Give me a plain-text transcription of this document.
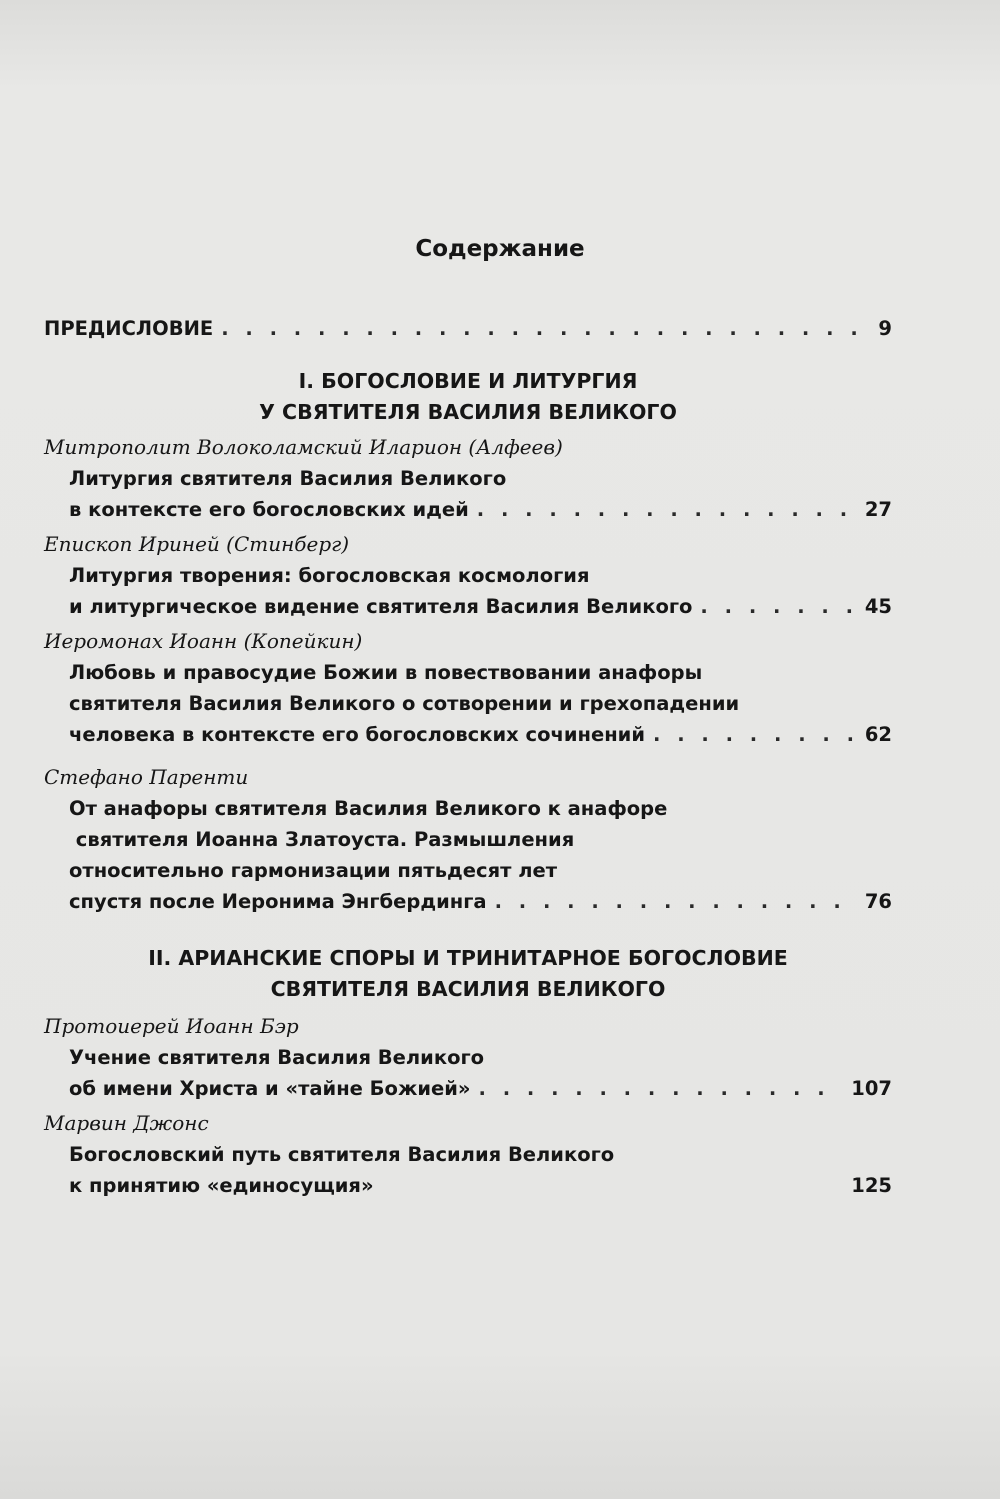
Содержание
ПРЕДИСЛОВИЕ . . .	9
I. БОГОСЛОВИЕ И ЛИТУРГИЯ
У СВЯТИТЕЛЯ ВАСИЛИЯ ВЕЛИКОГО
Митрополит Волоколамский Иларион (Алфеев)
Литургия святителя Василия Великого
в контексте его богословских идей . . .	27
Епископ Ириней (Стинберг)
Литургия творения: богословская космология
и литургическое видение святителя Василия Великого . . .	45
Иеромонах Иоанн (Копейкин)
Любовь и правосудие Божии в повествовании анафоры
святителя Василия Великого о сотворении и грехопадении
человека в контексте его богословских сочинений . . .	62
Стефано Паренти
От анафоры святителя Василия Великого к анафоре
святителя Иоанна Златоуста. Размышления
относительно гармонизации пятьдесят лет
спустя после Иеронима Энгбердинга . . .	76
II. АРИАНСКИЕ СПОРЫ И ТРИНИТАРНОЕ БОГОСЛОВИЕ
СВЯТИТЕЛЯ ВАСИЛИЯ ВЕЛИКОГО
Протоиерей Иоанн Бэр
Учение святителя Василия Великого
об имени Христа и «тайне Божией» . . .	107
Марвин Джонс
Богословский путь святителя Василия Великого
к принятию «единосущия»	125
